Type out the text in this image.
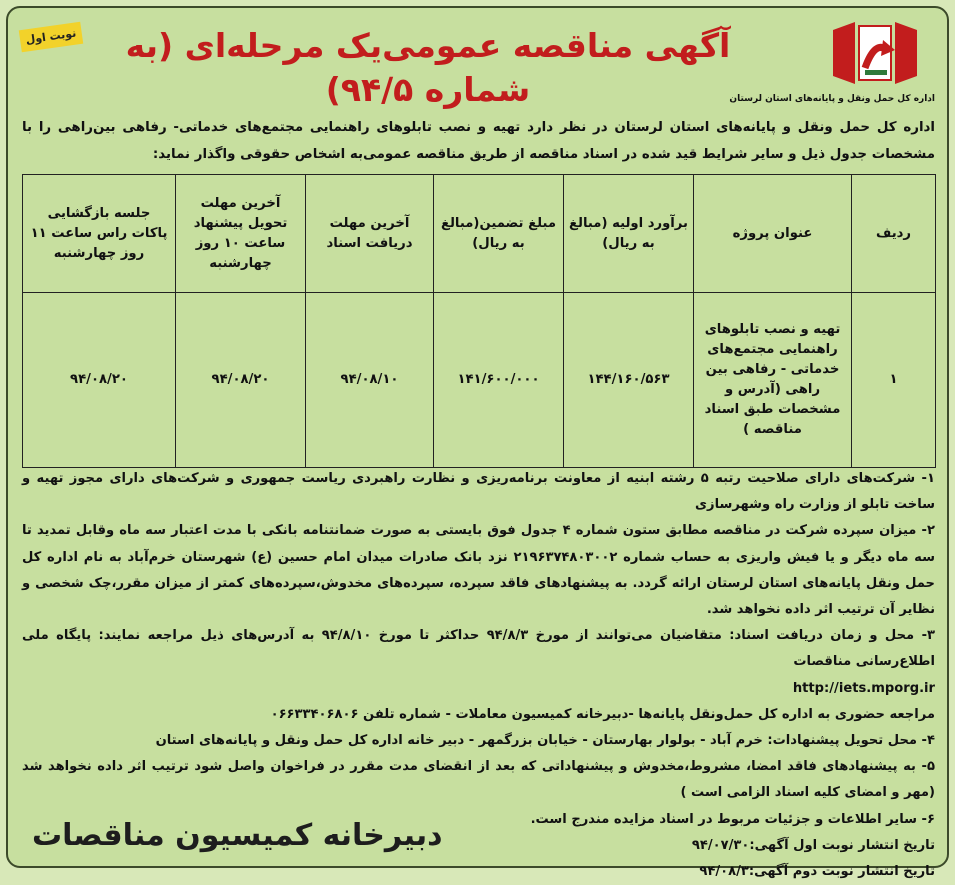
نوبت اول	آگهی مناقصه عمومی‌یک مرحله‌ای (به شماره ۹۴/۵)	اداره کل حمل ونقل و پایانه‌های استان لرستان

اداره کل حمل ونقل و پایانه‌های استان لرستان در نظر دارد تهیه و نصب تابلوهای راهنمایی مجتمع‌های خدماتی- رفاهی بین‌راهی را با مشخصات جدول ذیل و سایر شرایط قید شده در اسناد مناقصه از طریق مناقصه عمومی‌به اشخاص حقوقی واگذار نماید:

ردیف	عنوان پروژه	برآورد اولیه (مبالغ به ریال)	مبلغ تضمین(مبالغ به ریال)	آخرین مهلت دریافت اسناد	آخرین مهلت تحویل پیشنهاد ساعت ۱۰ روز چهارشنبه	جلسه بازگشایی پاکات راس ساعت ۱۱ روز چهارشنبه
۱	تهیه و نصب تابلوهای راهنمایی مجتمع‌های خدماتی - رفاهی بین راهی (آدرس و مشخصات طبق اسناد مناقصه )	۱۴۴/۱۶۰/۵۶۳	۱۴۱/۶۰۰/۰۰۰	۹۴/۰۸/۱۰	۹۴/۰۸/۲۰	۹۴/۰۸/۲۰

۱- شرکت‌های دارای صلاحیت رتبه ۵ رشته ابنیه از معاونت برنامه‌ریزی و نظارت راهبردی ریاست جمهوری و شرکت‌های دارای مجوز تهیه و ساخت تابلو از وزارت راه وشهرسازی

۲- میزان سپرده شرکت در مناقصه مطابق ستون شماره ۴ جدول فوق بایستی به صورت ضمانتنامه بانکی با مدت اعتبار سه ماه وقابل تمدید تا سه ماه دیگر و یا فیش واریزی به حساب شماره ۲۱۹۶۳۷۴۸۰۳۰۰۲ نزد بانک صادرات میدان امام حسین (ع) شهرستان خرم‌آباد به نام اداره کل حمل ونقل پایانه‌های استان لرستان ارائه گردد. به پیشنهادهای فاقد سپرده، سپرده‌های مخدوش،سپرده‌های کمتر از میزان مقرر،چک شخصی و نظایر آن ترتیب اثر داده نخواهد شد.

۳- محل و زمان دریافت اسناد: متقاضیان می‌توانند از مورخ ۹۴/۸/۳ حداکثر تا مورخ ۹۴/۸/۱۰ به آدرس‌های ذیل مراجعه نمایند: پایگاه ملی اطلاع‌رسانی مناقصات

http://iets.mporg.ir

مراجعه حضوری به اداره کل حمل‌ونقل پایانه‌ها -دبیرخانه کمیسیون معاملات - شماره تلفن ۰۶۶۳۳۴۰۶۸۰۶

۴- محل تحویل پیشنهادات: خرم آباد - بولوار بهارستان - خیابان بزرگمهر - دبیر خانه اداره کل حمل ونقل و پایانه‌های استان

۵- به پیشنهادهای فاقد امضا، مشروط،مخدوش و پیشنهاداتی که بعد از انقضای مدت مقرر در فراخوان واصل شود ترتیب اثر داده نخواهد شد (مهر و امضای کلیه اسناد الزامی است )

۶- سایر اطلاعات و جزئیات مربوط در اسناد مزایده مندرج است.

تاریخ انتشار نوبت اول آگهی:۹۴/۰۷/۳۰

تاریخ انتشار نوبت دوم آگهی:۹۴/۰۸/۳

دبیرخانه کمیسیون مناقصات
